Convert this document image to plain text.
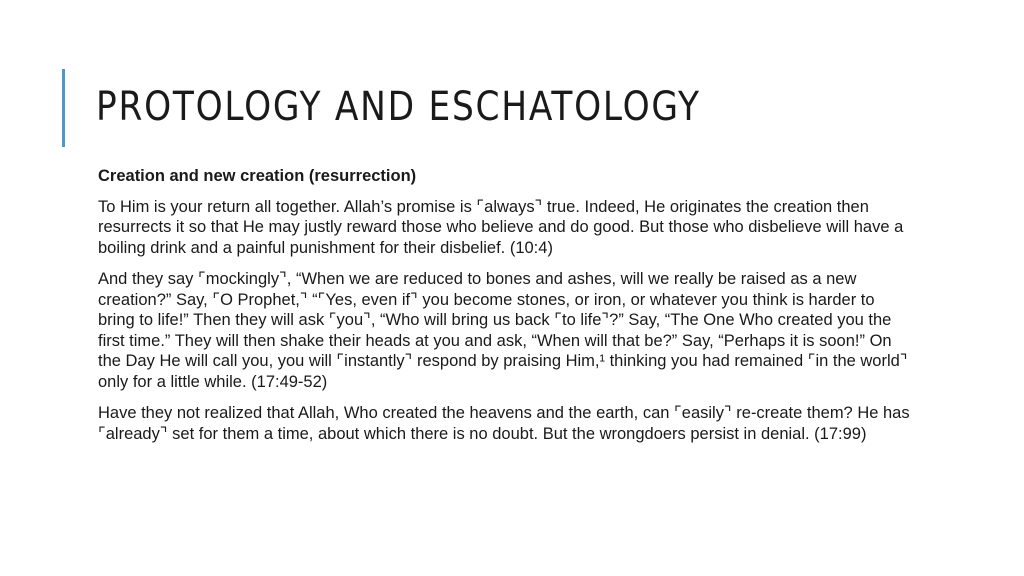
PROTOLOGY AND ESCHATOLOGY

Creation and new creation (resurrection)

To Him is your return all together. Allah’s promise is ⌜always⌝ true. Indeed, He originates the creation then resurrects it so that He may justly reward those who believe and do good. But those who disbelieve will have a boiling drink and a painful punishment for their disbelief. (10:4)

And they say ⌜mockingly⌝, “When we are reduced to bones and ashes, will we really be raised as a new creation?” Say, ⌜O Prophet,⌝ “⌜Yes, even if⌝ you become stones, or iron, or whatever you think is harder to bring to life!” Then they will ask ⌜you⌝, “Who will bring us back ⌜to life⌝?” Say, “The One Who created you the first time.” They will then shake their heads at you and ask, “When will that be?” Say, “Perhaps it is soon!” On the Day He will call you, you will ⌜instantly⌝ respond by praising Him,¹ thinking you had remained ⌜in the world⌝ only for a little while. (17:49-52)

Have they not realized that Allah, Who created the heavens and the earth, can ⌜easily⌝ re-create them? He has ⌜already⌝ set for them a time, about which there is no doubt. But the wrongdoers persist in denial. (17:99)
